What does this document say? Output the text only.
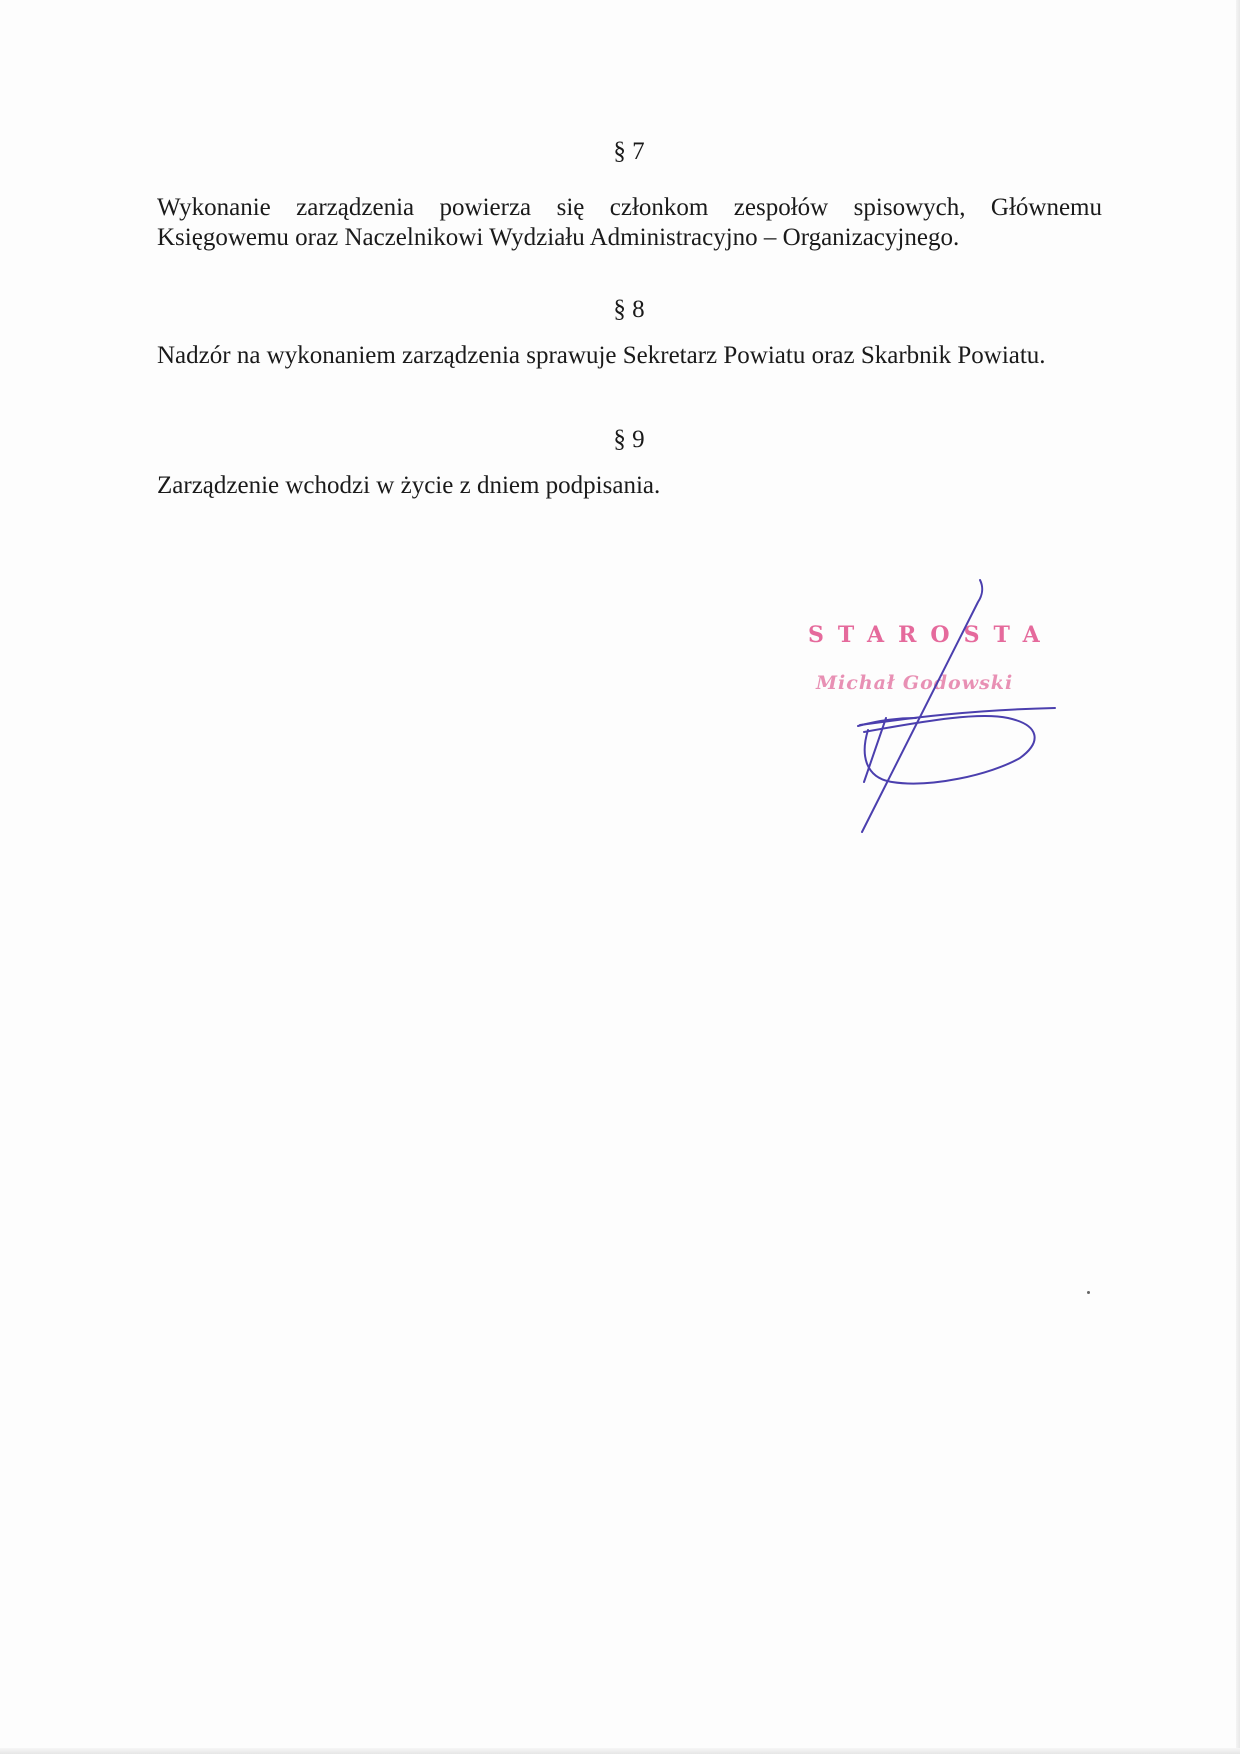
§ 7
Wykonanie zarządzenia powierza się członkom zespołów spisowych, Głównemu
Księgowemu oraz Naczelnikowi Wydziału Administracyjno – Organizacyjnego.
§ 8
Nadzór na wykonaniem zarządzenia sprawuje Sekretarz Powiatu oraz Skarbnik Powiatu.
§ 9
Zarządzenie wchodzi w życie z dniem podpisania.
STAROSTA
Michał Godowski
